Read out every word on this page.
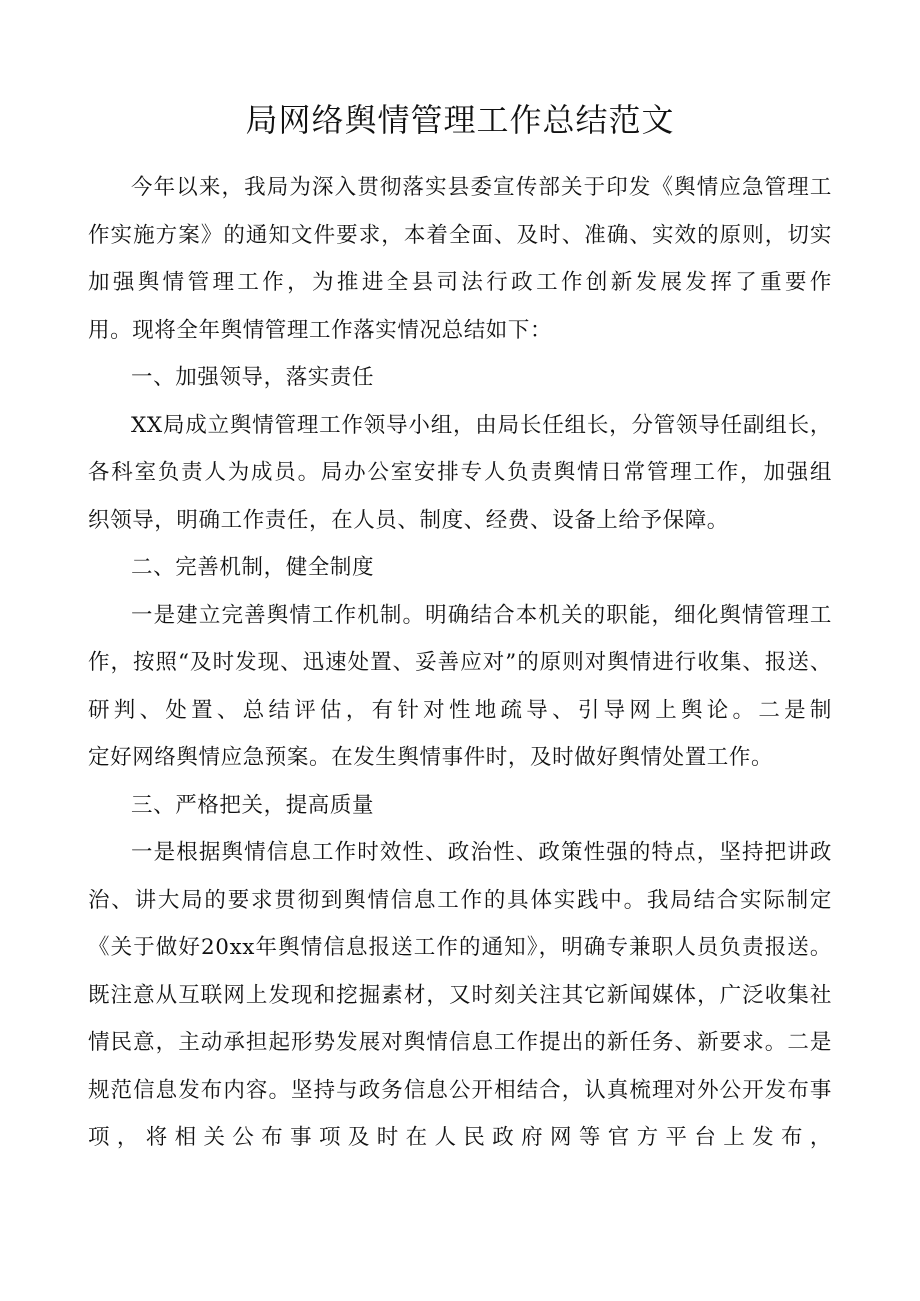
局网络舆情管理工作总结范文
今年以来，我局为深入贯彻落实县委宣传部关于印发《舆情应急管理工作实施方案》的通知文件要求，本着全面、及时、准确、实效的原则，切实加强舆情管理工作，为推进全县司法行政工作创新发展发挥了重要作
用。现将全年舆情管理工作落实情况总结如下：
一、加强领导，落实责任
XX局成立舆情管理工作领导小组，由局长任组长，分管领导任副组长，各科室负责人为成员。局办公室安排专人负责舆情日常管理工作，加强组
织领导，明确工作责任，在人员、制度、经费、设备上给予保障。
二、完善机制，健全制度
一是建立完善舆情工作机制。明确结合本机关的职能，细化舆情管理工作，按照“及时发现、迅速处置、妥善应对”的原则对舆情进行收集、报送、研判、处置、总结评估，有针对性地疏导、引导网上舆论。二是制
定好网络舆情应急预案。在发生舆情事件时，及时做好舆情处置工作。
三、严格把关，提高质量
一是根据舆情信息工作时效性、政治性、政策性强的特点，坚持把讲政治、讲大局的要求贯彻到舆情信息工作的具体实践中。我局结合实际制定《关于做好20xx年舆情信息报送工作的通知》，明确专兼职人员负责报送。既注意从互联网上发现和挖掘素材，又时刻关注其它新闻媒体，广泛收集社情民意，主动承担起形势发展对舆情信息工作提出的新任务、新要求。二是规范信息发布内容。坚持与政务信息公开相结合，认真梳理对外公开发布事项，将相关公布事项及时在人民政府网等官方平台上发布，
